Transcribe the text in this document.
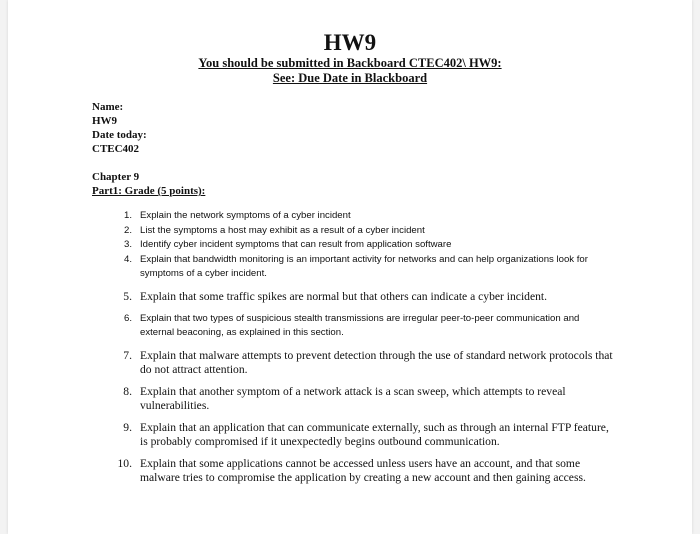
HW9
You should be submitted in Backboard CTEC402\ HW9:
See: Due Date in Blackboard
Name:
HW9
Date today:
CTEC402
Chapter 9
Part1: Grade (5 points):
1. Explain the network symptoms of a cyber incident
2. List the symptoms a host may exhibit as a result of a cyber incident
3. Identify cyber incident symptoms that can result from application software
4. Explain that bandwidth monitoring is an important activity for networks and can help organizations look for symptoms of a cyber incident.
5. Explain that some traffic spikes are normal but that others can indicate a cyber incident.
6. Explain that two types of suspicious stealth transmissions are irregular peer-to-peer communication and external beaconing, as explained in this section.
7. Explain that malware attempts to prevent detection through the use of standard network protocols that do not attract attention.
8. Explain that another symptom of a network attack is a scan sweep, which attempts to reveal vulnerabilities.
9. Explain that an application that can communicate externally, such as through an internal FTP feature, is probably compromised if it unexpectedly begins outbound communication.
10. Explain that some applications cannot be accessed unless users have an account, and that some malware tries to compromise the application by creating a new account and then gaining access.
